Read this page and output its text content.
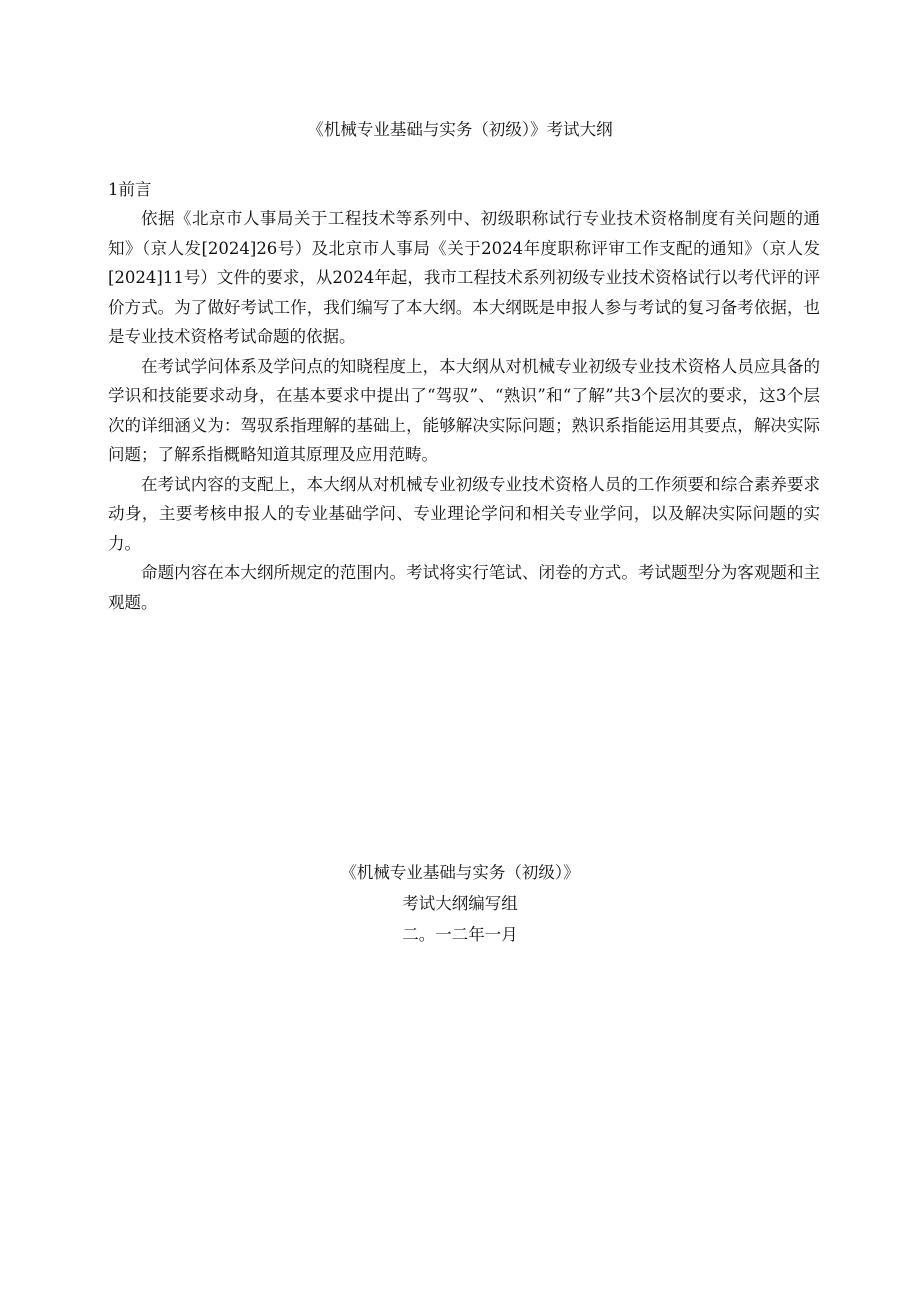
《机械专业基础与实务（初级）》考试大纲
1前言

依据《北京市人事局关于工程技术等系列中、初级职称试行专业技术资格制度有关问题的通知》（京人发[2024]26号）及北京市人事局《关于2024年度职称评审工作支配的通知》（京人发[2024]11号）文件的要求，从2024年起，我市工程技术系列初级专业技术资格试行以考代评的评价方式。为了做好考试工作，我们编写了本大纲。本大纲既是申报人参与考试的复习备考依据，也是专业技术资格考试命题的依据。

在考试学问体系及学问点的知晓程度上，本大纲从对机械专业初级专业技术资格人员应具备的学识和技能要求动身，在基本要求中提出了“驾驭”、“熟识”和“了解”共3个层次的要求，这3个层次的详细涵义为：驾驭系指理解的基础上，能够解决实际问题；熟识系指能运用其要点，解决实际问题；了解系指概略知道其原理及应用范畴。

在考试内容的支配上，本大纲从对机械专业初级专业技术资格人员的工作须要和综合素养要求动身，主要考核申报人的专业基础学问、专业理论学问和相关专业学问，以及解决实际问题的实力。

命题内容在本大纲所规定的范围内。考试将实行笔试、闭卷的方式。考试题型分为客观题和主观题。

《机械专业基础与实务（初级）》
考试大纲编写组
二。一二年一月
